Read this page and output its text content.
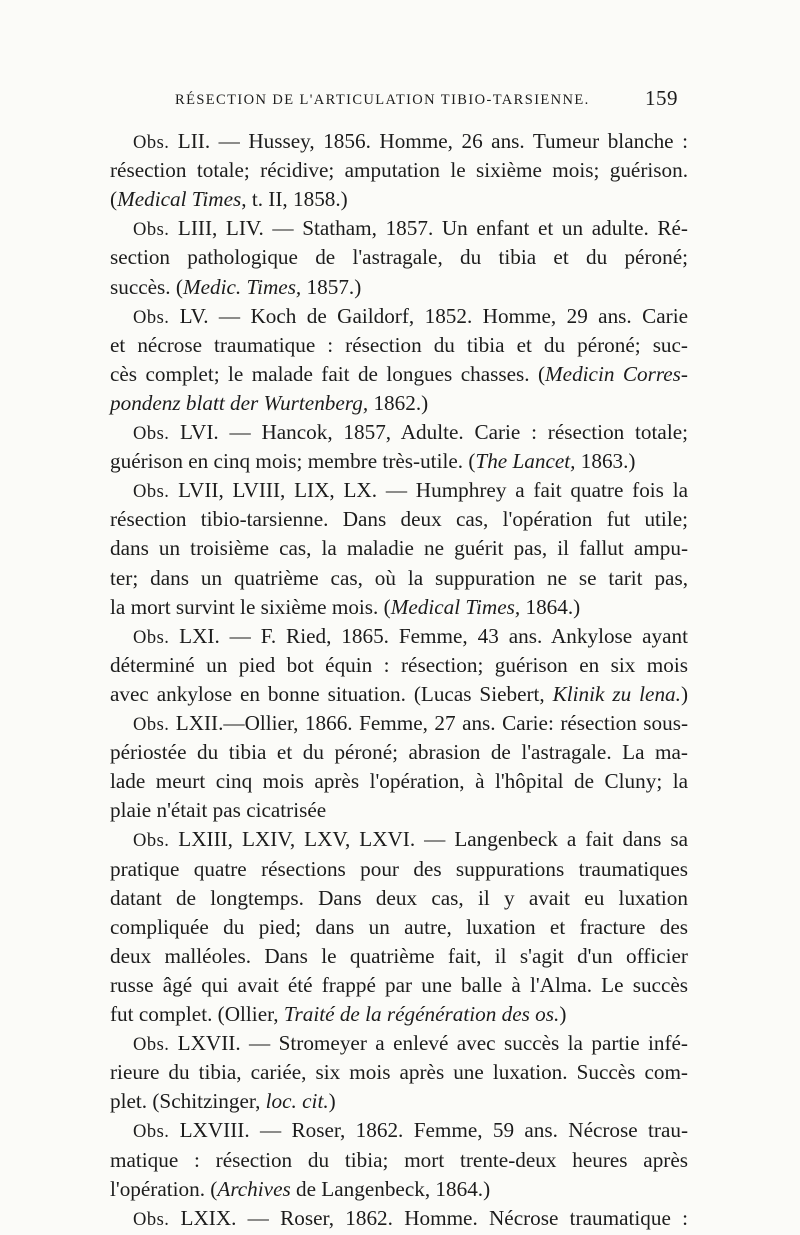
RÉSECTION DE L'ARTICULATION TIBIO-TARSIENNE.	159
Obs. LII. — Hussey, 1856. Homme, 26 ans. Tumeur blanche :
résection totale; récidive; amputation le sixième mois; guérison.
(Medical Times, t. II, 1858.)
Obs. LIII, LIV. — Statham, 1857. Un enfant et un adulte. Ré-
section pathologique de l'astragale, du tibia et du péroné;
succès. (Medic. Times, 1857.)
Obs. LV. — Koch de Gaildorf, 1852. Homme, 29 ans. Carie
et nécrose traumatique : résection du tibia et du péroné; suc-
cès complet; le malade fait de longues chasses. (Medicin Corres-
pondenz blatt der Wurtenberg, 1862.)
Obs. LVI. — Hancok, 1857, Adulte. Carie : résection totale;
guérison en cinq mois; membre très-utile. (The Lancet, 1863.)
Obs. LVII, LVIII, LIX, LX. — Humphrey a fait quatre fois la
résection tibio-tarsienne. Dans deux cas, l'opération fut utile;
dans un troisième cas, la maladie ne guérit pas, il fallut ampu-
ter; dans un quatrième cas, où la suppuration ne se tarit pas,
la mort survint le sixième mois. (Medical Times, 1864.)
Obs. LXI. — F. Ried, 1865. Femme, 43 ans. Ankylose ayant
déterminé un pied bot équin : résection; guérison en six mois
avec ankylose en bonne situation. (Lucas Siebert, Klinik zu lena.)
Obs. LXII.—Ollier, 1866. Femme, 27 ans. Carie: résection sous-
périostée du tibia et du péroné; abrasion de l'astragale. La ma-
lade meurt cinq mois après l'opération, à l'hôpital de Cluny; la
plaie n'était pas cicatrisée
Obs. LXIII, LXIV, LXV, LXVI. — Langenbeck a fait dans sa
pratique quatre résections pour des suppurations traumatiques
datant de longtemps. Dans deux cas, il y avait eu luxation
compliquée du pied; dans un autre, luxation et fracture des
deux malléoles. Dans le quatrième fait, il s'agit d'un officier
russe âgé qui avait été frappé par une balle à l'Alma. Le succès
fut complet. (Ollier, Traité de la régénération des os.)
Obs. LXVII. — Stromeyer a enlevé avec succès la partie infé-
rieure du tibia, cariée, six mois après une luxation. Succès com-
plet. (Schitzinger, loc. cit.)
Obs. LXVIII. — Roser, 1862. Femme, 59 ans. Nécrose trau-
matique : résection du tibia; mort trente-deux heures après
l'opération. (Archives de Langenbeck, 1864.)
Obs. LXIX. — Roser, 1862. Homme. Nécrose traumatique :
